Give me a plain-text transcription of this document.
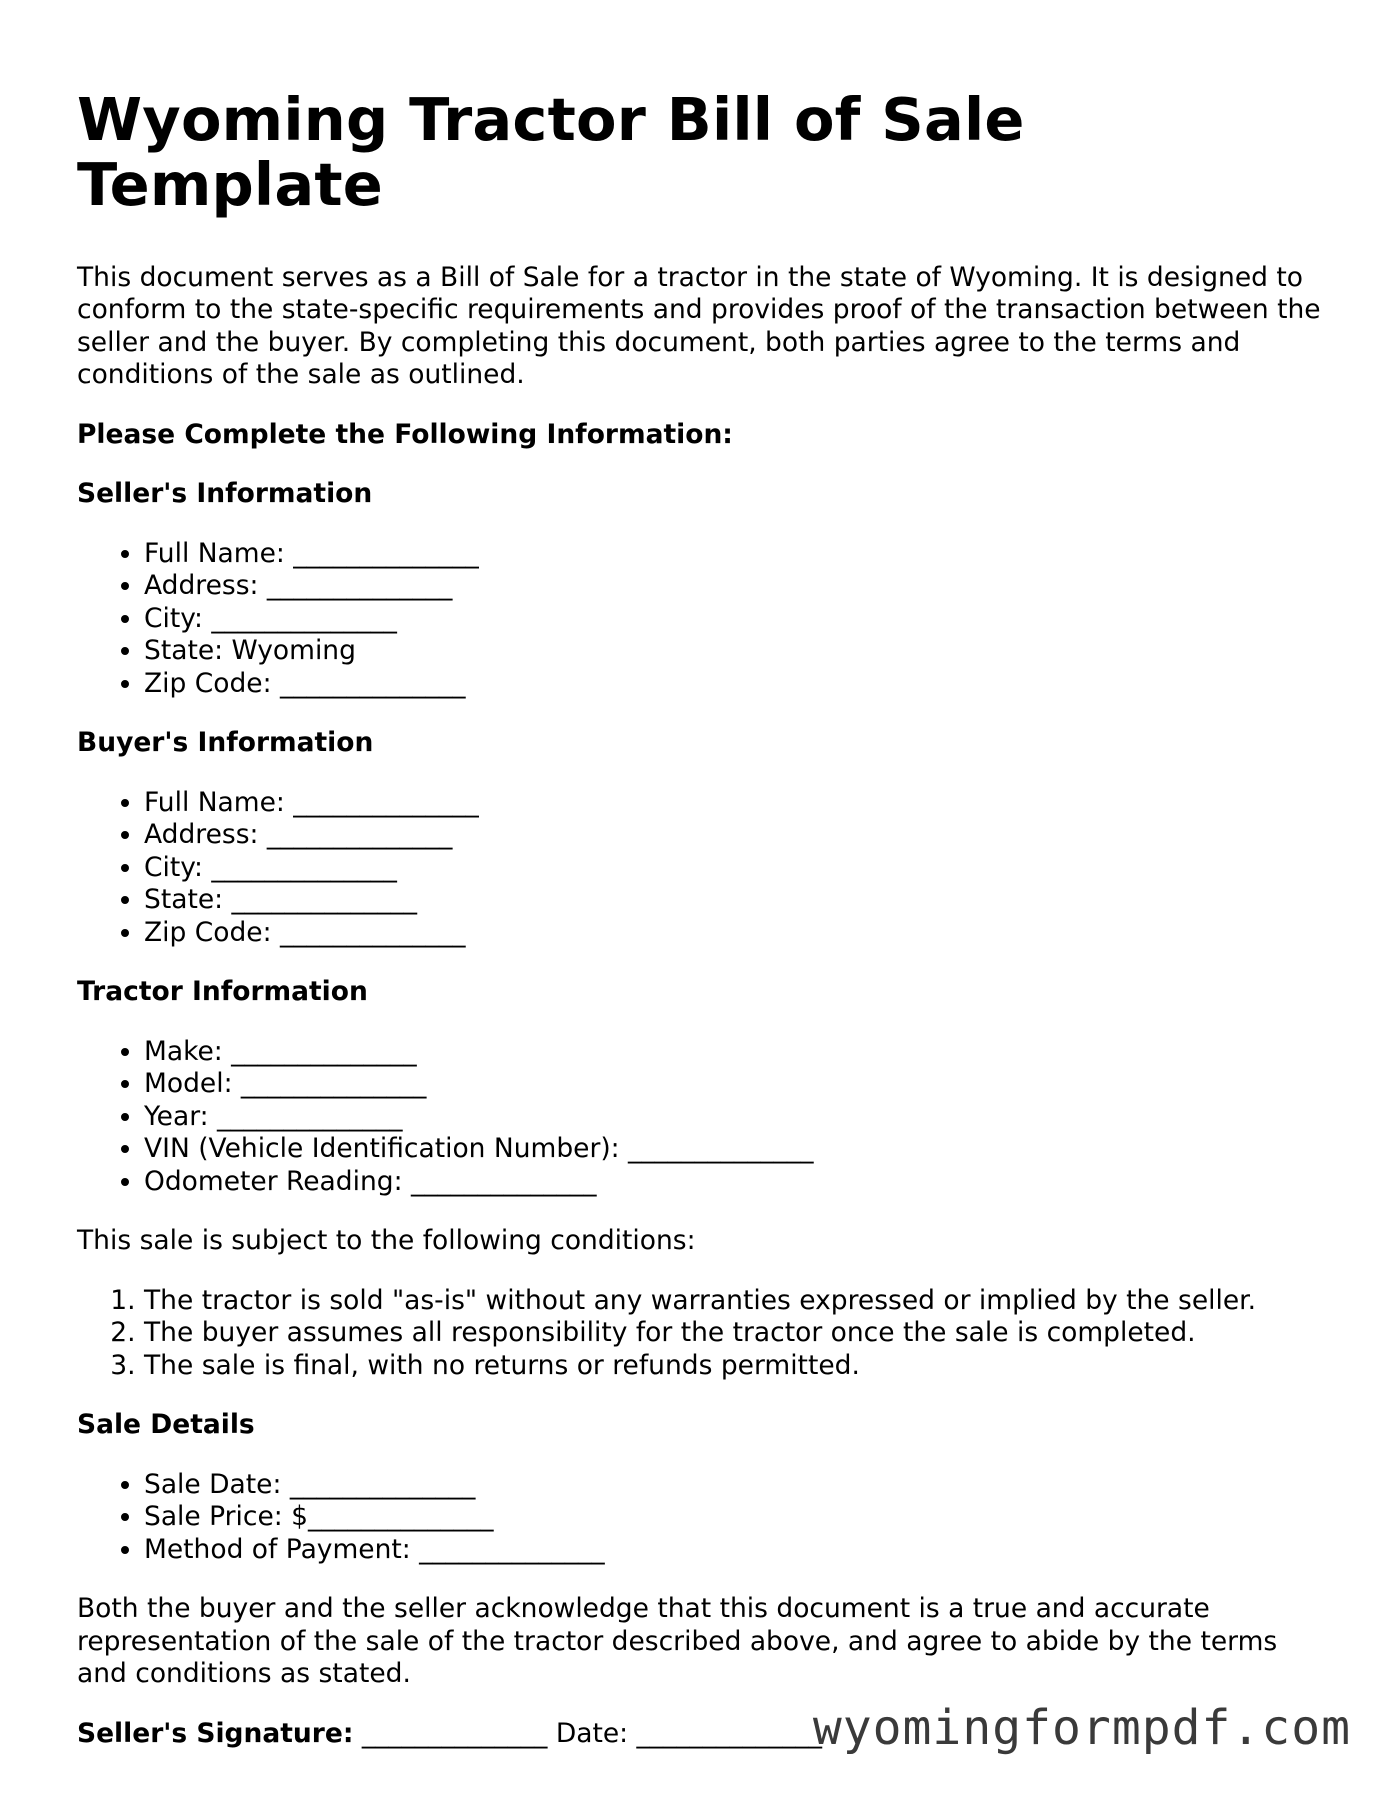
Wyoming Tractor Bill of Sale Template

This document serves as a Bill of Sale for a tractor in the state of Wyoming. It is designed to conform to the state-specific requirements and provides proof of the transaction between the seller and the buyer. By completing this document, both parties agree to the terms and conditions of the sale as outlined.

Please Complete the Following Information:

Seller's Information

• Full Name: ______________
• Address: ______________
• City: ______________
• State: Wyoming
• Zip Code: ______________

Buyer's Information

• Full Name: ______________
• Address: ______________
• City: ______________
• State: ______________
• Zip Code: ______________

Tractor Information

• Make: ______________
• Model: ______________
• Year: ______________
• VIN (Vehicle Identification Number): ______________
• Odometer Reading: ______________

This sale is subject to the following conditions:

1. The tractor is sold "as-is" without any warranties expressed or implied by the seller.
2. The buyer assumes all responsibility for the tractor once the sale is completed.
3. The sale is final, with no returns or refunds permitted.

Sale Details

• Sale Date: ______________
• Sale Price: $______________
• Method of Payment: ______________

Both the buyer and the seller acknowledge that this document is a true and accurate representation of the sale of the tractor described above, and agree to abide by the terms and conditions as stated.

Seller's Signature: ______________ Date: ______________

wyomingformpdf.com
